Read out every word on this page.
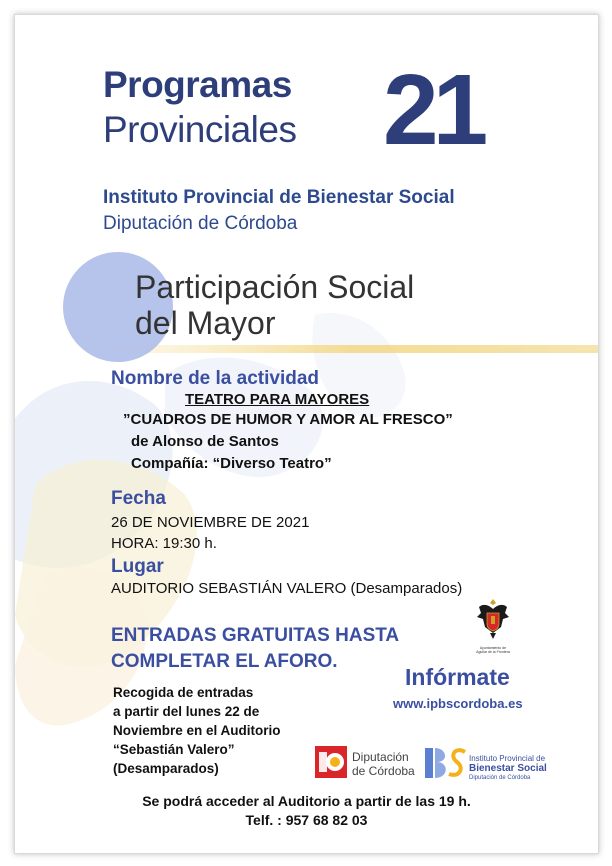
Programas
Provinciales 21
Instituto Provincial de Bienestar Social
Diputación de Córdoba
Participación Social
del Mayor
Nombre de la actividad
TEATRO PARA MAYORES
”CUADROS DE HUMOR Y AMOR AL FRESCO”
de Alonso de Santos
Compañía: “Diverso Teatro”
Fecha
26 DE NOVIEMBRE DE 2021
HORA: 19:30 h.
Lugar
AUDITORIO SEBASTIÁN VALERO (Desamparados)
ENTRADAS GRATUITAS HASTA
COMPLETAR EL AFORO.
Recogida de entradas
a partir del lunes 22 de
Noviembre en el Auditorio
“Sebastián Valero”
(Desamparados)
Ayuntamiento de
Aguilar de la Frontera
Infórmate
www.ipbscordoba.es
Diputación
de Córdoba
Instituto Provincial de
Bienestar Social
Diputación de Córdoba
Se podrá acceder al Auditorio a partir de las 19 h.
Telf. : 957 68 82 03
